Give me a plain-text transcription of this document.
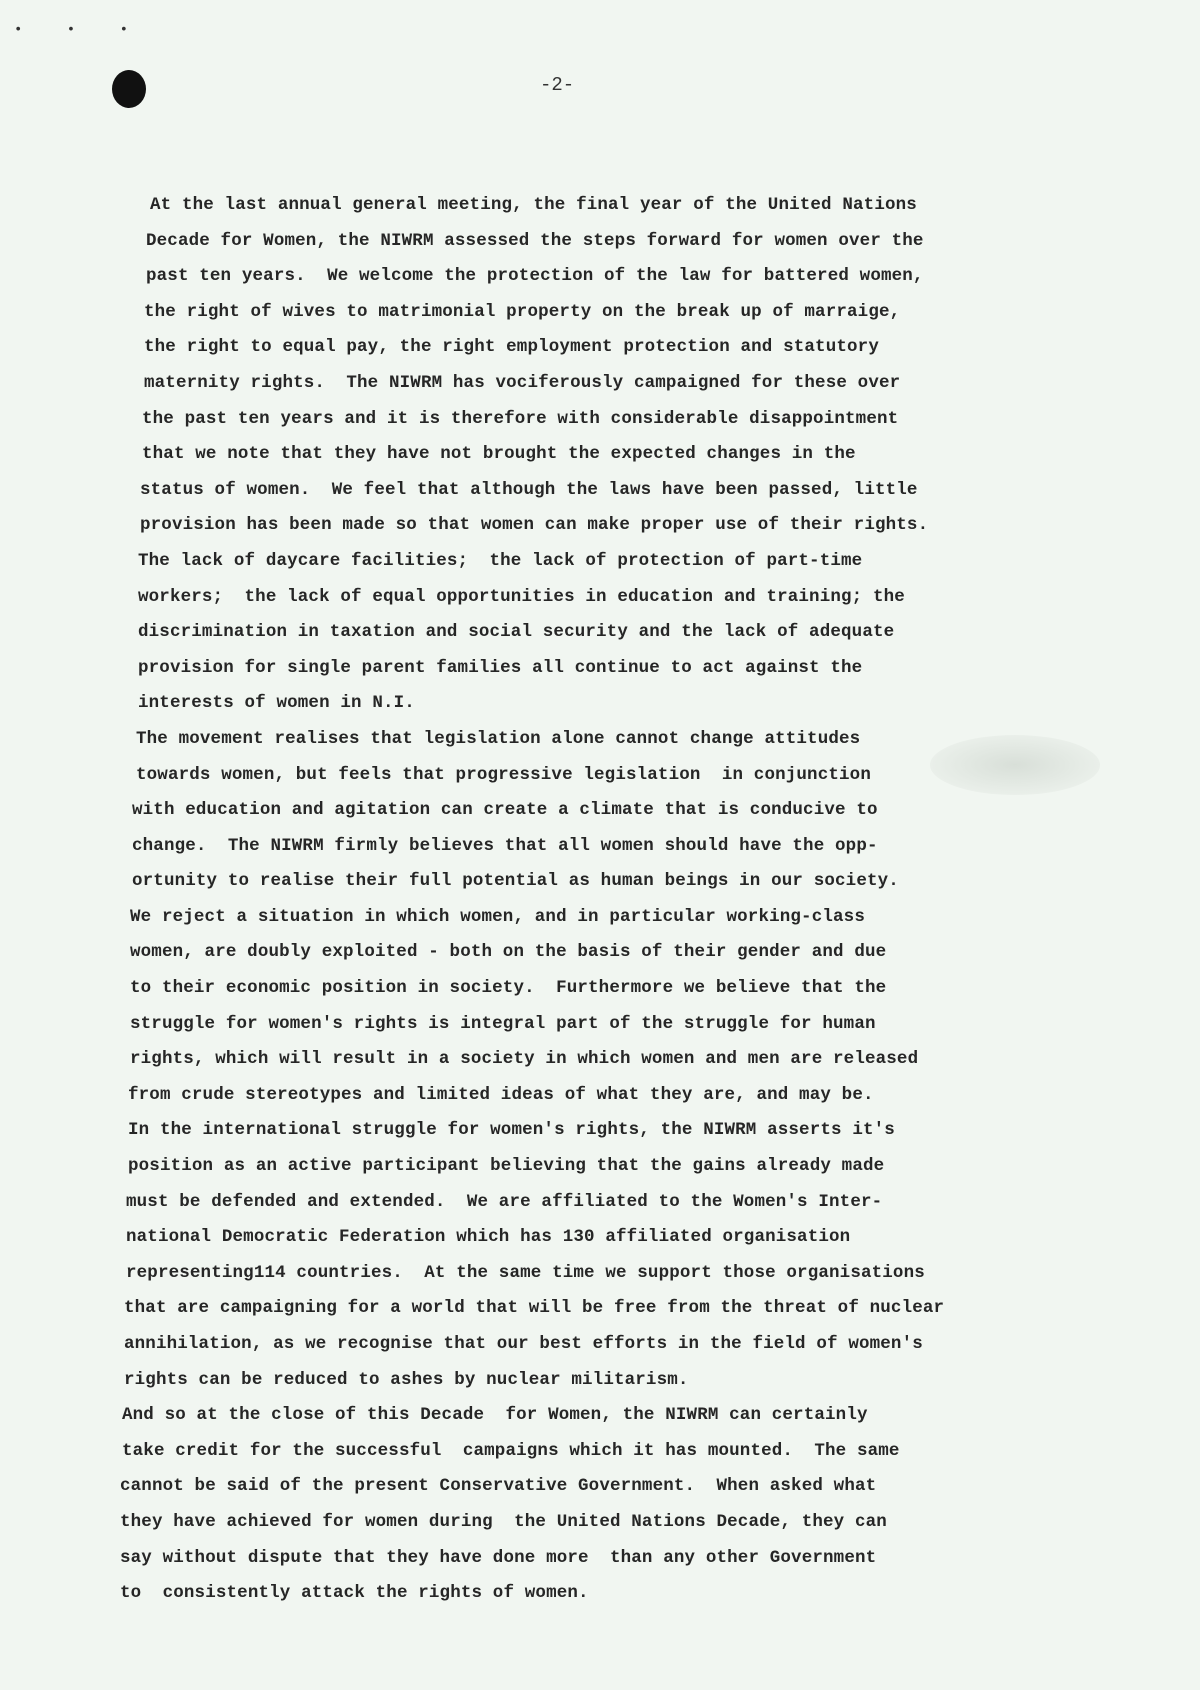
• • •
-2-
At the last annual general meeting, the final year of the United Nations
Decade for Women, the NIWRM assessed the steps forward for women over the
past ten years.  We welcome the protection of the law for battered women,
the right of wives to matrimonial property on the break up of marraige,
the right to equal pay, the right employment protection and statutory
maternity rights.  The NIWRM has vociferously campaigned for these over
the past ten years and it is therefore with considerable disappointment
that we note that they have not brought the expected changes in the
status of women.  We feel that although the laws have been passed, little
provision has been made so that women can make proper use of their rights.
The lack of daycare facilities;  the lack of protection of part-time
workers;  the lack of equal opportunities in education and training; the
discrimination in taxation and social security and the lack of adequate
provision for single parent families all continue to act against the
interests of women in N.I.
The movement realises that legislation alone cannot change attitudes
towards women, but feels that progressive legislation  in conjunction
with education and agitation can create a climate that is conducive to
change.  The NIWRM firmly believes that all women should have the opp-
ortunity to realise their full potential as human beings in our society.
We reject a situation in which women, and in particular working-class
women, are doubly exploited - both on the basis of their gender and due
to their economic position in society.  Furthermore we believe that the
struggle for women's rights is integral part of the struggle for human
rights, which will result in a society in which women and men are released
from crude stereotypes and limited ideas of what they are, and may be.
In the international struggle for women's rights, the NIWRM asserts it's
position as an active participant believing that the gains already made
must be defended and extended.  We are affiliated to the Women's Inter-
national Democratic Federation which has 130 affiliated organisation
representing114 countries.  At the same time we support those organisations
that are campaigning for a world that will be free from the threat of nuclear
annihilation, as we recognise that our best efforts in the field of women's
rights can be reduced to ashes by nuclear militarism.
And so at the close of this Decade  for Women, the NIWRM can certainly
take credit for the successful  campaigns which it has mounted.  The same
cannot be said of the present Conservative Government.  When asked what
they have achieved for women during  the United Nations Decade, they can
say without dispute that they have done more  than any other Government
to  consistently attack the rights of women.
